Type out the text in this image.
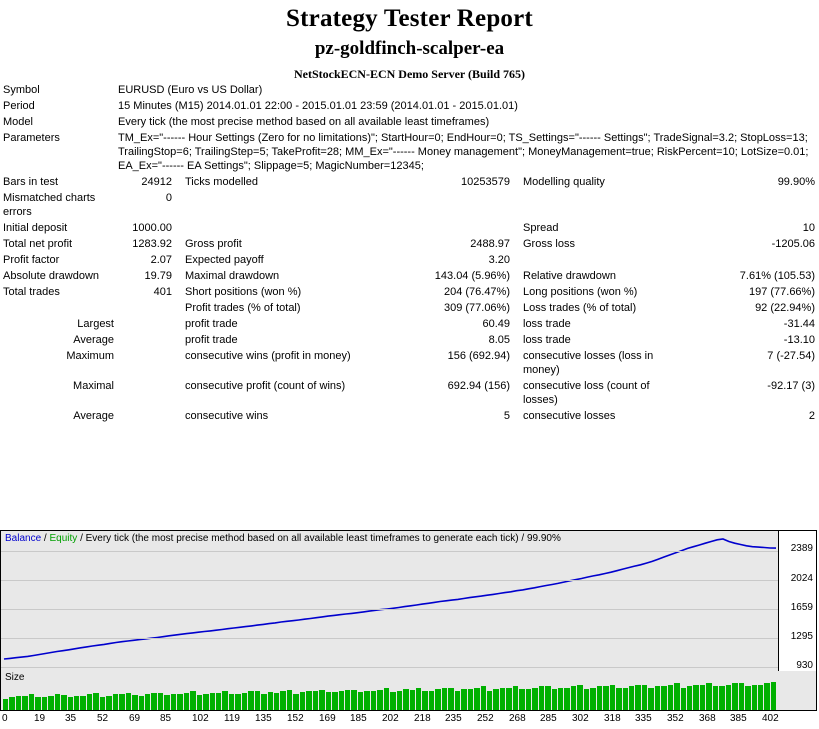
Strategy Tester Report
pz-goldfinch-scalper-ea
NetStockECN-ECN Demo Server (Build 765)
Symbol	EURUSD (Euro vs US Dollar)				
Period	15 Minutes (M15) 2014.01.01 22:00 - 2015.01.01 23:59 (2014.01.01 - 2015.01.01)				
Model	Every tick (the most precise method based on all available least timeframes)				
Parameters	TM_Ex="------ Hour Settings (Zero for no limitations)"; StartHour=0; EndHour=0; TS_Settings="------ Settings"; TradeSignal=3.2; StopLoss=13; TrailingStop=6; TrailingStep=5; TakeProfit=28; MM_Ex="------ Money management"; MoneyManagement=true; RiskPercent=10; LotSize=0.01; EA_Ex="------ EA Settings"; Slippage=5; MagicNumber=12345;				
Bars in test	24912	Ticks modelled	10253579	Modelling quality	99.90%
Mismatched charts errors	0				
Initial deposit	1000.00			Spread	10
Total net profit	1283.92	Gross profit	2488.97	Gross loss	-1205.06
Profit factor	2.07	Expected payoff	3.20		
Absolute drawdown	19.79	Maximal drawdown	143.04 (5.96%)	Relative drawdown	7.61% (105.53)
Total trades	401	Short positions (won %)	204 (76.47%)	Long positions (won %)	197 (77.66%)
		Profit trades (% of total)	309 (77.06%)	Loss trades (% of total)	92 (22.94%)
Largest		profit trade	60.49	loss trade	-31.44
Average		profit trade	8.05	loss trade	-13.10
Maximum		consecutive wins (profit in money)	156 (692.94)	consecutive losses (loss in money)	7 (-27.54)
Maximal		consecutive profit (count of wins)	692.94 (156)	consecutive loss (count of losses)	-92.17 (3)
Average		consecutive wins	5	consecutive losses	2
Balance / Equity / Every tick (the most precise method based on all available least timeframes to generate each tick) / 99.90%
2389
2024
1659
1295
930
Size
0	19 35 52 69 85 102 119 135 152 169 185 202 218 235 252 268 285 302 318 335 352 368 385 402
